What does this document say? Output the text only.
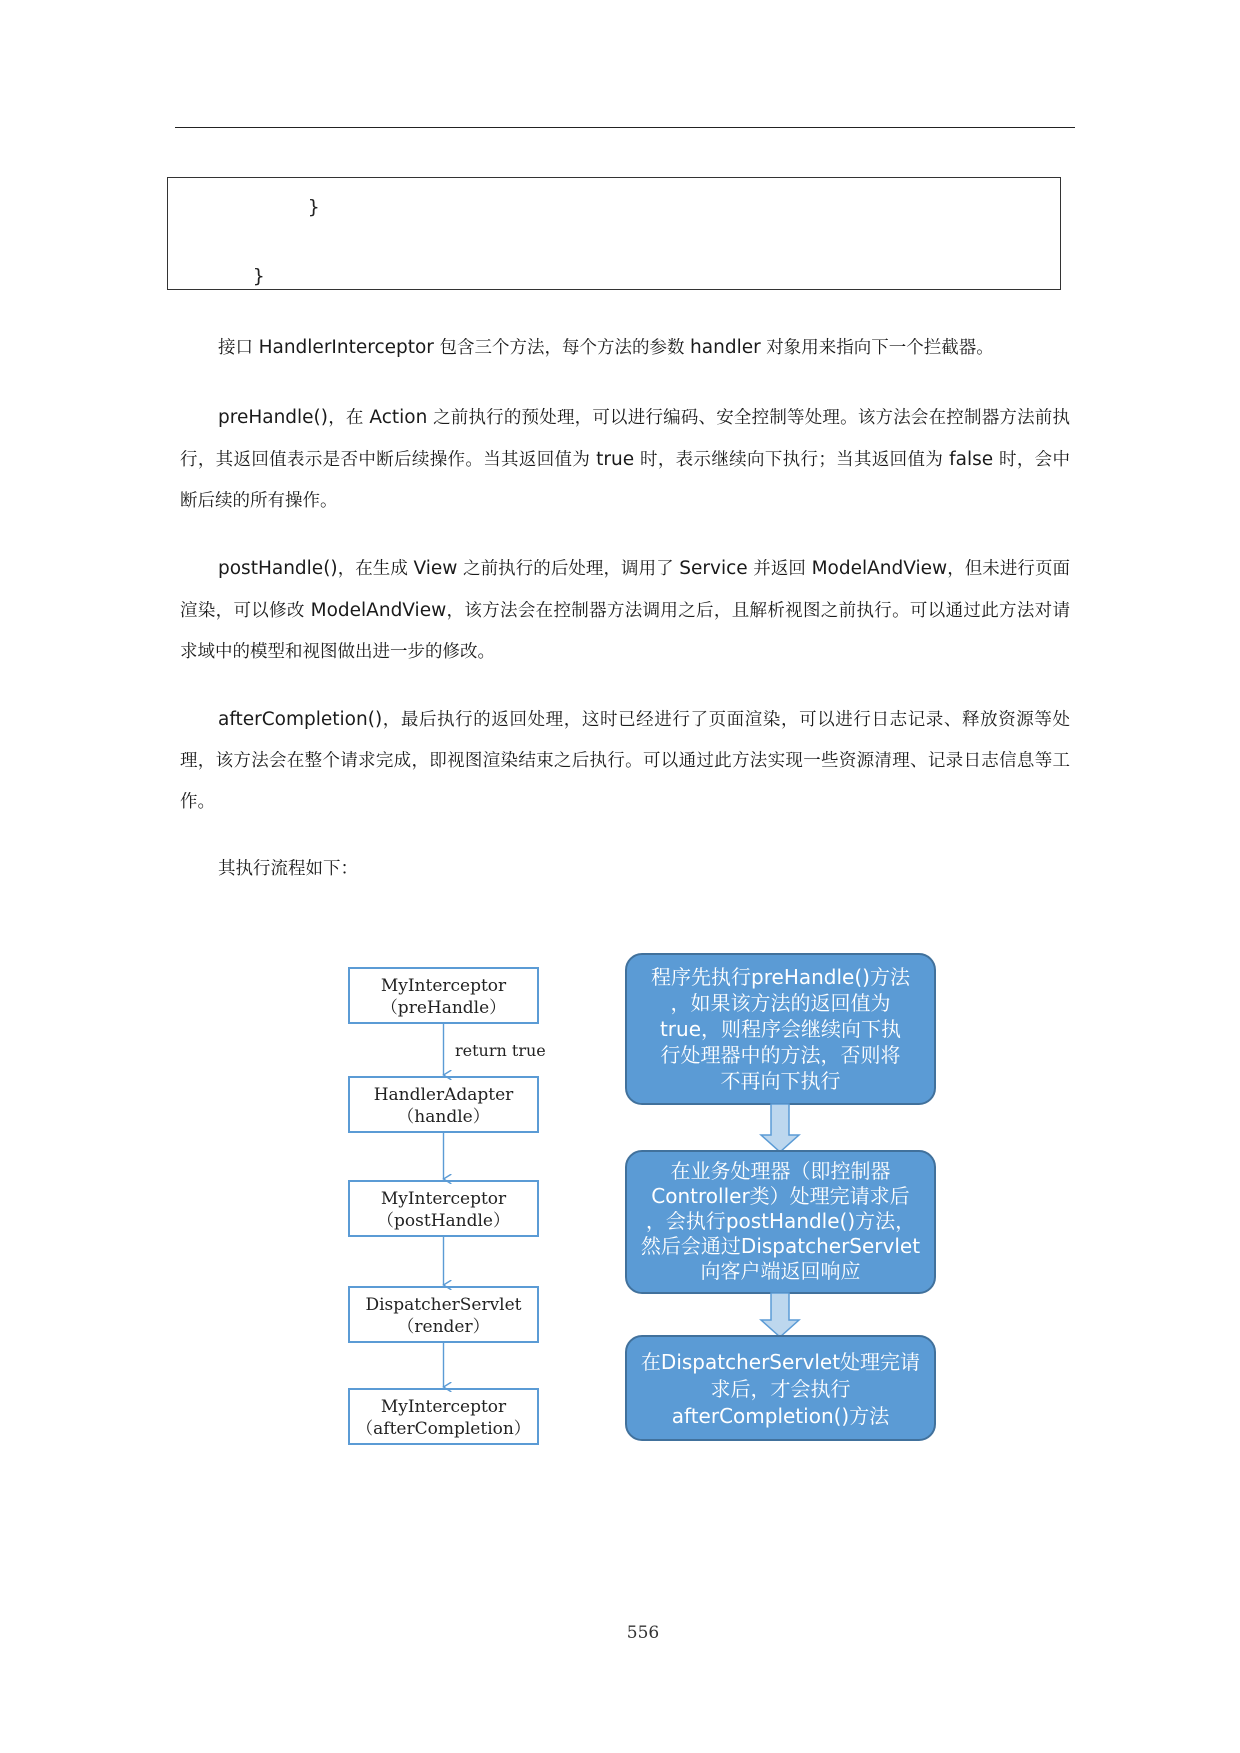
}
}
接口 HandlerInterceptor 包含三个方法，每个方法的参数 handler 对象用来指向下一个拦截器。
preHandle()，在 Action 之前执行的预处理，可以进行编码、安全控制等处理。该方法会在控制器方法前执行，其返回值表示是否中断后续操作。当其返回值为 true 时，表示继续向下执行；当其返回值为 false 时，会中断后续的所有操作。
postHandle()，在生成 View 之前执行的后处理，调用了 Service 并返回 ModelAndView，但未进行页面渲染，可以修改 ModelAndView，该方法会在控制器方法调用之后，且解析视图之前执行。可以通过此方法对请求域中的模型和视图做出进一步的修改。
afterCompletion()，最后执行的返回处理，这时已经进行了页面渲染，可以进行日志记录、释放资源等处理，该方法会在整个请求完成，即视图渲染结束之后执行。可以通过此方法实现一些资源清理、记录日志信息等工作。
其执行流程如下：
MyInterceptor
（preHandle）
HandlerAdapter
（handle）
MyInterceptor
（postHandle）
DispatcherServlet
（render）
MyInterceptor
（afterCompletion）
return true
程序先执行preHandle()方法
，如果该方法的返回值为
true，则程序会继续向下执
行处理器中的方法，否则将
不再向下执行
在业务处理器（即控制器
Controller类）处理完请求后
，会执行postHandle()方法，
然后会通过DispatcherServlet
向客户端返回响应
在DispatcherServlet处理完请
求后，才会执行
afterCompletion()方法
556
